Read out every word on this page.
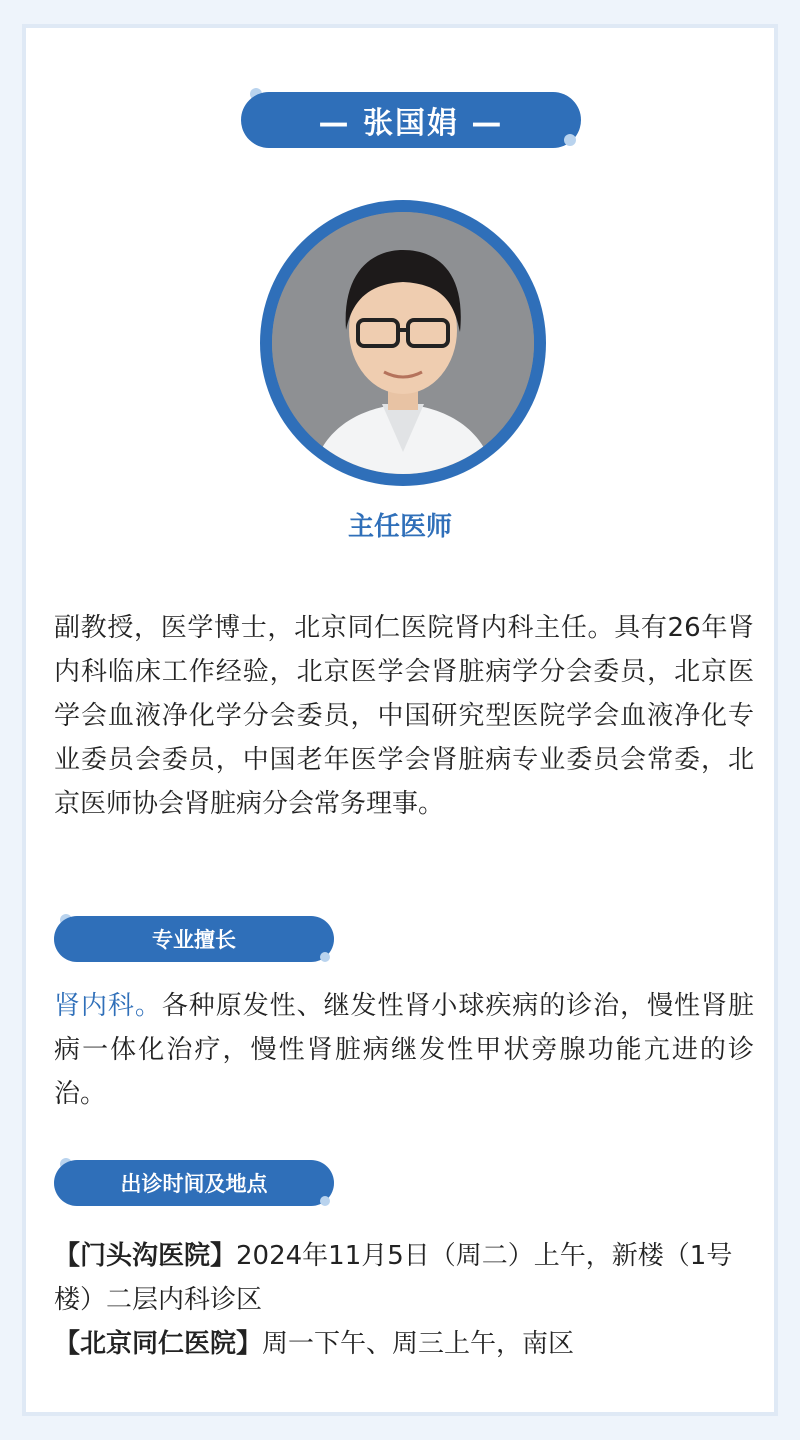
— 张国娟 —
主任医师
副教授，医学博士，北京同仁医院肾内科主任。具有26年肾内科临床工作经验，北京医学会肾脏病学分会委员，北京医学会血液净化学分会委员，中国研究型医院学会血液净化专业委员会委员，中国老年医学会肾脏病专业委员会常委，北京医师协会肾脏病分会常务理事。
专业擅长
肾内科。各种原发性、继发性肾小球疾病的诊治，慢性肾脏病一体化治疗，慢性肾脏病继发性甲状旁腺功能亢进的诊治。
出诊时间及地点
【门头沟医院】2024年11月5日（周二）上午，新楼（1号楼）二层内科诊区
【北京同仁医院】周一下午、周三上午，南区
